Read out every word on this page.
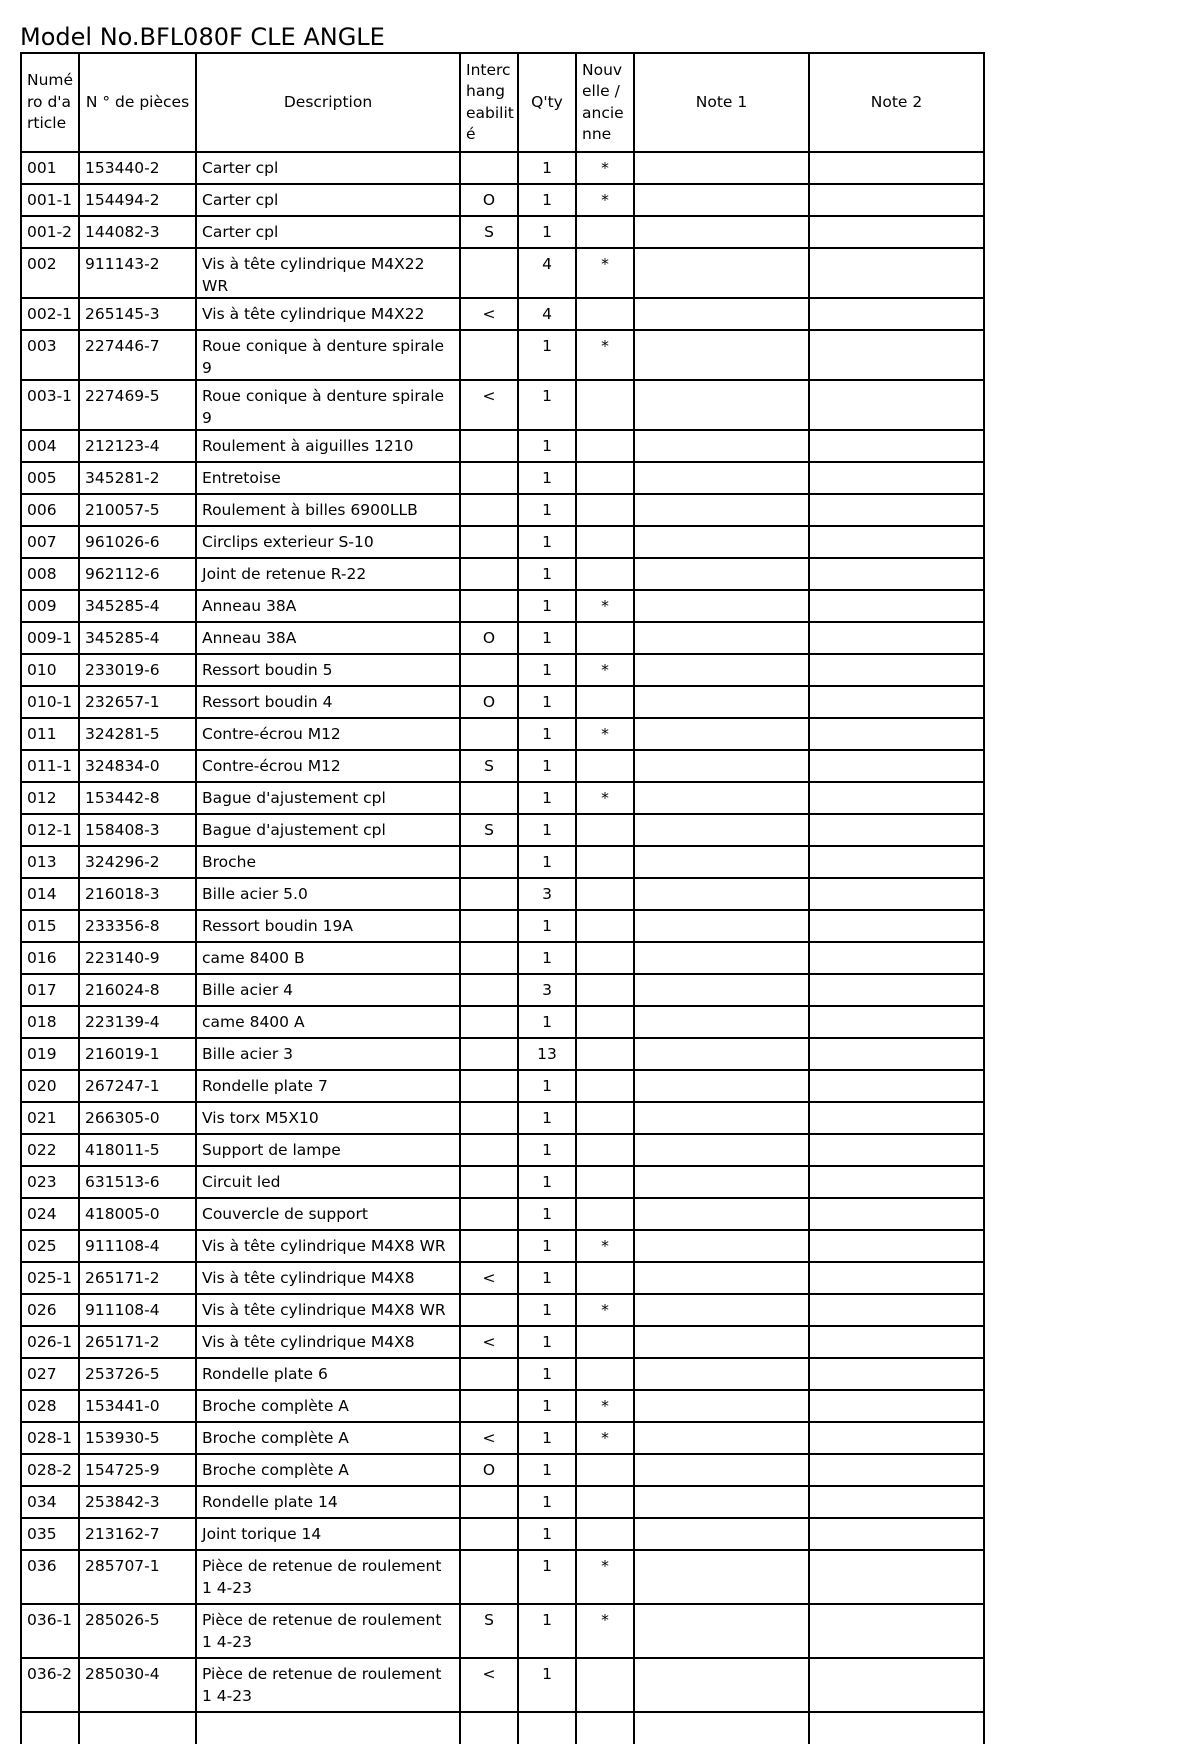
Model No.BFL080F CLE ANGLE
Numé ro d'a rticle	N ° de pièces	Description	Interc hang eabilit é	Q'ty	Nouv elle / ancie nne	Note 1	Note 2
001	153440-2	Carter cpl		1	*		
001-1	154494-2	Carter cpl	O	1	*		
001-2	144082-3	Carter cpl	S	1			
002	911143-2	Vis à tête cylindrique M4X22 WR		4	*		
002-1	265145-3	Vis à tête cylindrique M4X22	<	4			
003	227446-7	Roue conique à denture spirale 9		1	*		
003-1	227469-5	Roue conique à denture spirale 9	<	1			
004	212123-4	Roulement à aiguilles 1210		1			
005	345281-2	Entretoise		1			
006	210057-5	Roulement à billes 6900LLB		1			
007	961026-6	Circlips exterieur S-10		1			
008	962112-6	Joint de retenue R-22		1			
009	345285-4	Anneau 38A		1	*		
009-1	345285-4	Anneau 38A	O	1			
010	233019-6	Ressort boudin 5		1	*		
010-1	232657-1	Ressort boudin 4	O	1			
011	324281-5	Contre-écrou M12		1	*		
011-1	324834-0	Contre-écrou M12	S	1			
012	153442-8	Bague d'ajustement cpl		1	*		
012-1	158408-3	Bague d'ajustement cpl	S	1			
013	324296-2	Broche		1			
014	216018-3	Bille acier 5.0		3			
015	233356-8	Ressort boudin 19A		1			
016	223140-9	came 8400 B		1			
017	216024-8	Bille acier 4		3			
018	223139-4	came 8400 A		1			
019	216019-1	Bille acier 3		13			
020	267247-1	Rondelle plate 7		1			
021	266305-0	Vis torx M5X10		1			
022	418011-5	Support de lampe		1			
023	631513-6	Circuit led		1			
024	418005-0	Couvercle de support		1			
025	911108-4	Vis à tête cylindrique M4X8 WR		1	*		
025-1	265171-2	Vis à tête cylindrique M4X8	<	1			
026	911108-4	Vis à tête cylindrique M4X8 WR		1	*		
026-1	265171-2	Vis à tête cylindrique M4X8	<	1			
027	253726-5	Rondelle plate 6		1			
028	153441-0	Broche complète A		1	*		
028-1	153930-5	Broche complète A	<	1	*		
028-2	154725-9	Broche complète A	O	1			
034	253842-3	Rondelle plate 14		1			
035	213162-7	Joint torique 14		1			
036	285707-1	Pièce de retenue de roulement 1 4-23		1	*		
036-1	285026-5	Pièce de retenue de roulement 1 4-23	S	1	*		
036-2	285030-4	Pièce de retenue de roulement 1 4-23	<	1			
